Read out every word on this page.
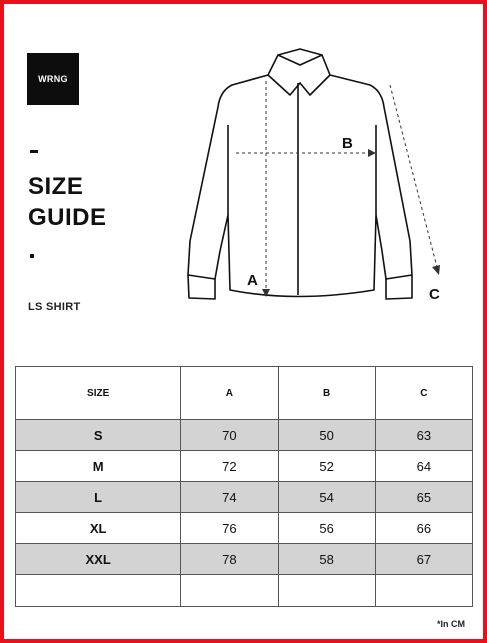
WRNG
SIZE
GUIDE
LS SHIRT
A
B
C
SIZE	A	B	C
S	70	50	63
M	72	52	64
L	74	54	65
XL	76	56	66
XXL	78	58	67

*In CM
